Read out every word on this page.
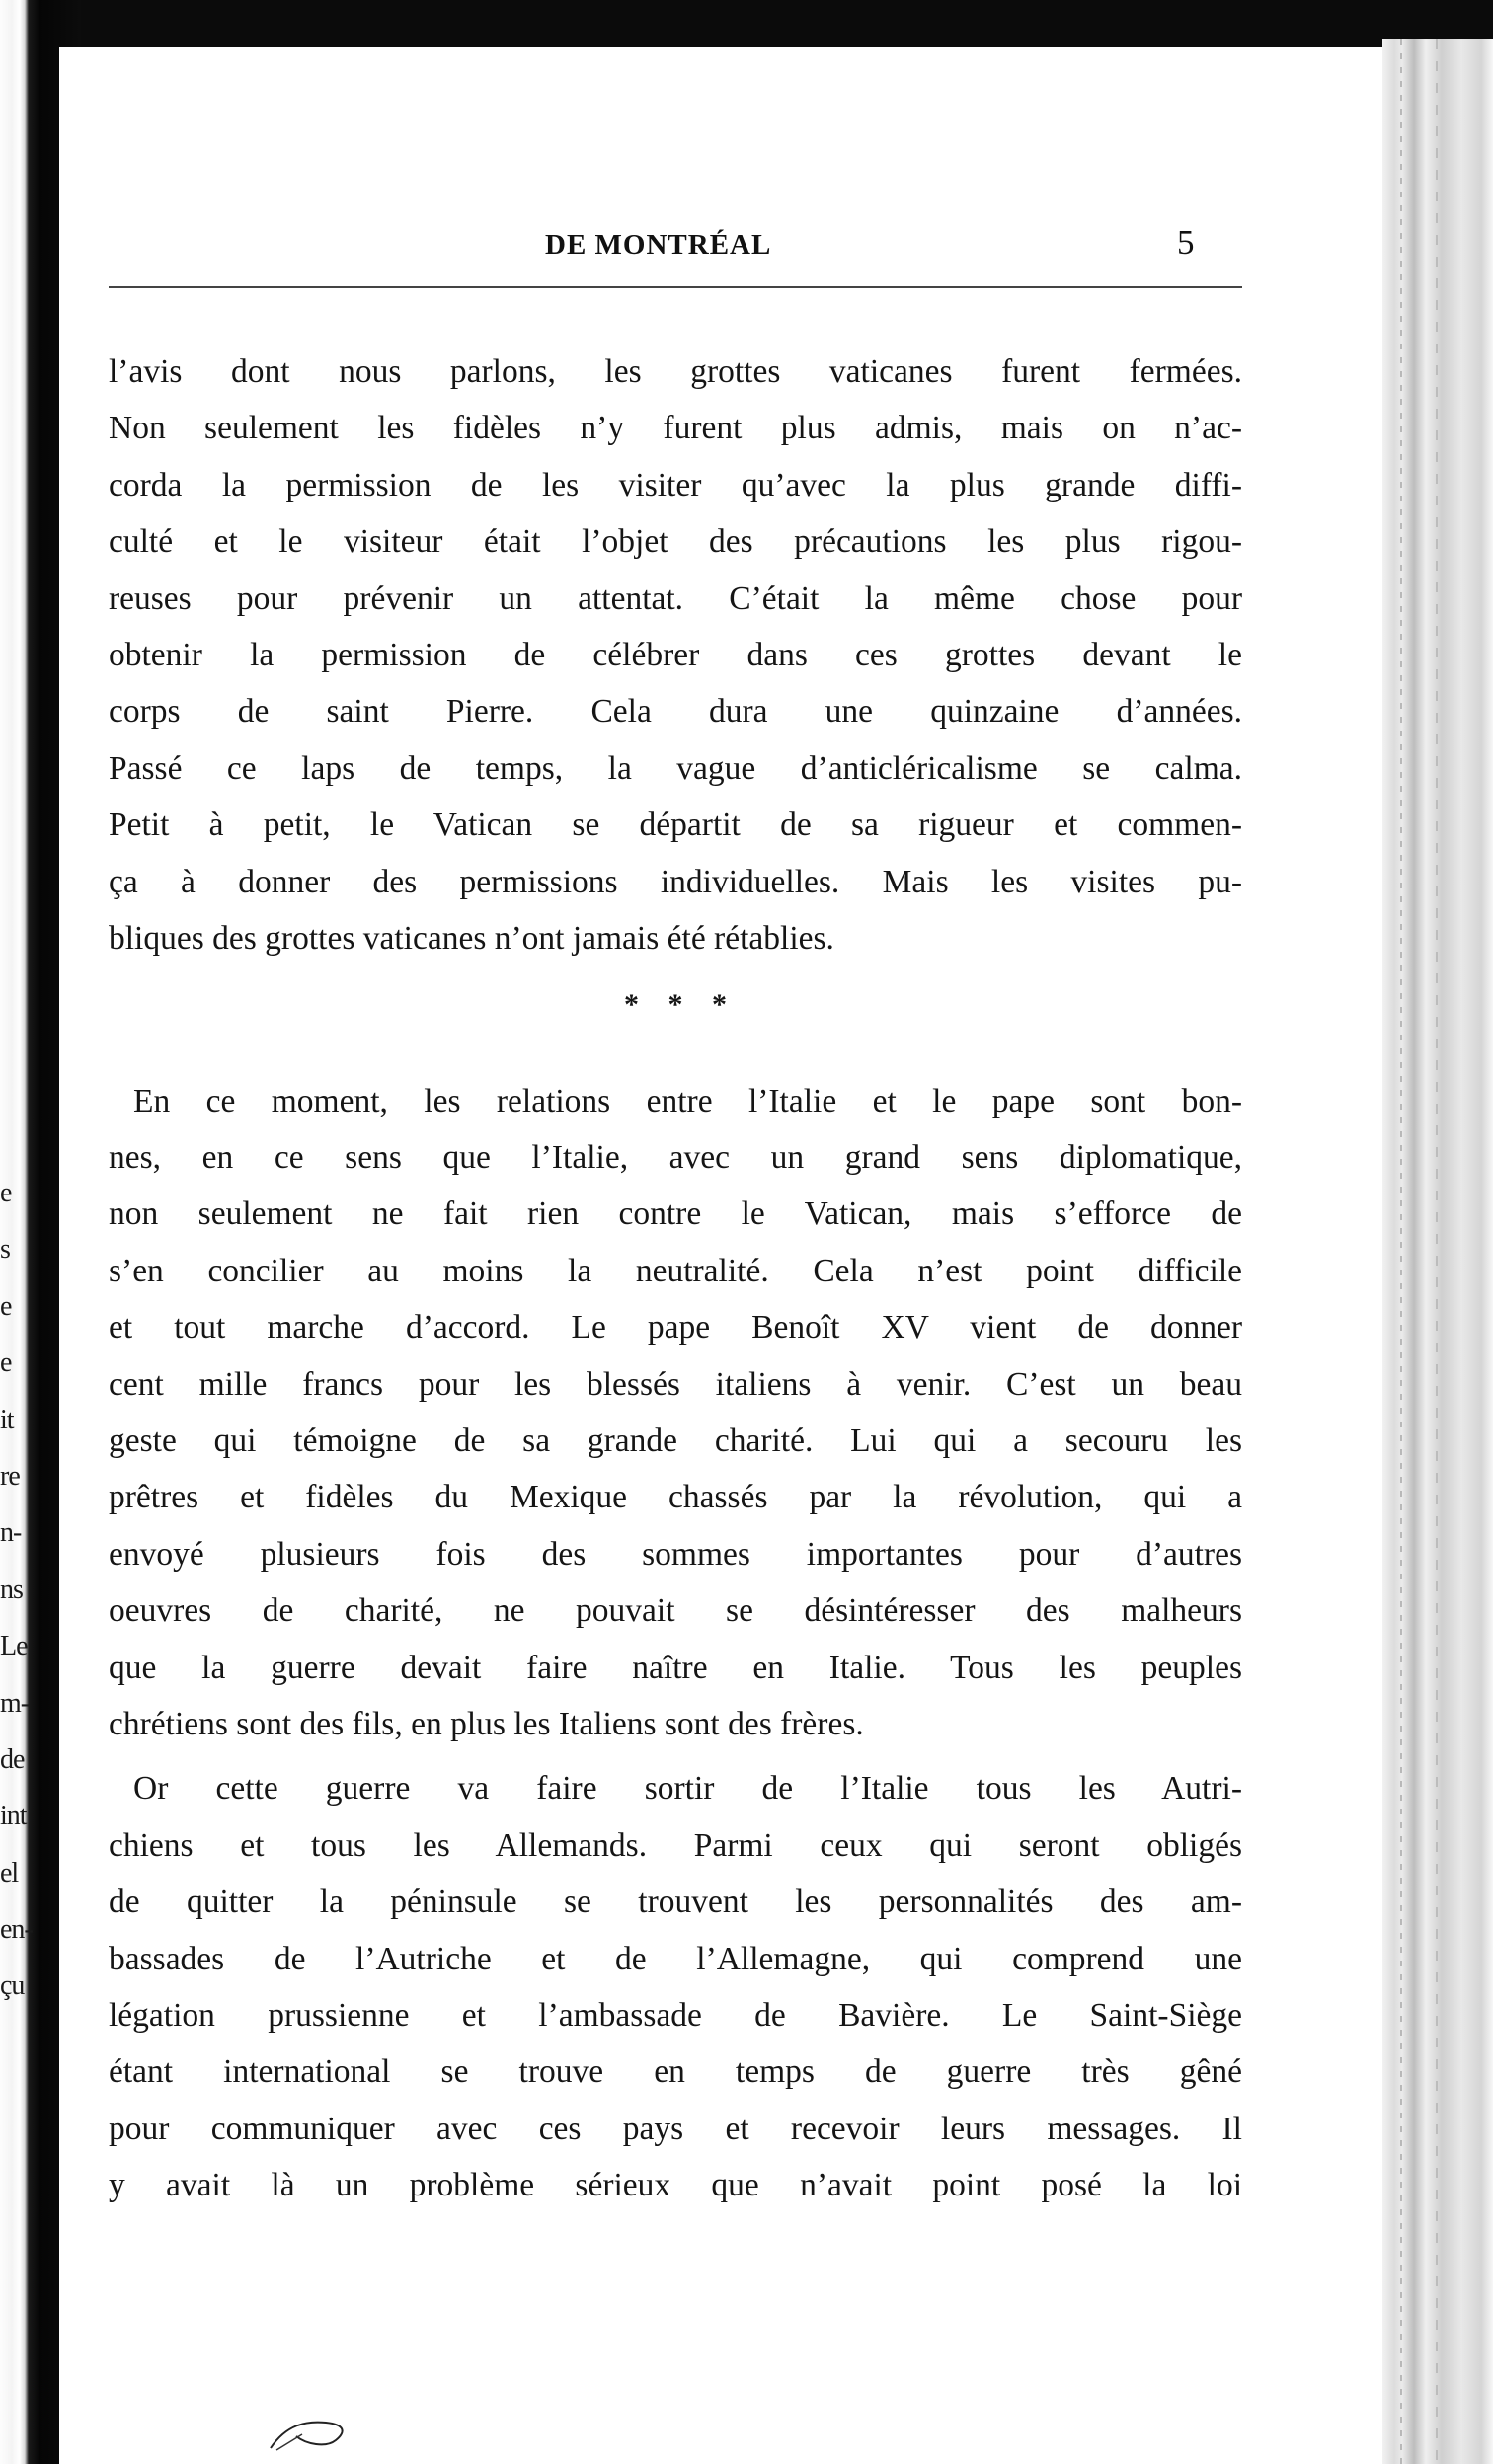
e
s
e
e
it
re
n-
ns
Le
m-
de
int
el
en-
çu
DE MONTRÉAL	5
l’avis dont nous parlons, les grottes vaticanes furent fermées.
Non seulement les fidèles n’y furent plus admis, mais on n’ac-
corda la permission de les visiter qu’avec la plus grande diffi-
culté et le visiteur était l’objet des précautions les plus rigou-
reuses pour prévenir un attentat. C’était la même chose pour
obtenir la permission de célébrer dans ces grottes devant le
corps de saint Pierre. Cela dura une quinzaine d’années.
Passé ce laps de temps, la vague d’anticléricalisme se calma.
Petit à petit, le Vatican se départit de sa rigueur et commen-
ça à donner des permissions individuelles. Mais les visites pu-
bliques des grottes vaticanes n’ont jamais été rétablies.
* * *
En ce moment, les relations entre l’Italie et le pape sont bon-
nes, en ce sens que l’Italie, avec un grand sens diplomatique,
non seulement ne fait rien contre le Vatican, mais s’efforce de
s’en concilier au moins la neutralité. Cela n’est point difficile
et tout marche d’accord. Le pape Benoît XV vient de donner
cent mille francs pour les blessés italiens à venir. C’est un beau
geste qui témoigne de sa grande charité. Lui qui a secouru les
prêtres et fidèles du Mexique chassés par la révolution, qui a
envoyé plusieurs fois des sommes importantes pour d’autres
oeuvres de charité, ne pouvait se désintéresser des malheurs
que la guerre devait faire naître en Italie. Tous les peuples
chrétiens sont des fils, en plus les Italiens sont des frères.
Or cette guerre va faire sortir de l’Italie tous les Autri-
chiens et tous les Allemands. Parmi ceux qui seront obligés
de quitter la péninsule se trouvent les personnalités des am-
bassades de l’Autriche et de l’Allemagne, qui comprend une
légation prussienne et l’ambassade de Bavière. Le Saint-Siège
étant international se trouve en temps de guerre très gêné
pour communiquer avec ces pays et recevoir leurs messages. Il
y avait là un problème sérieux que n’avait point posé la loi
